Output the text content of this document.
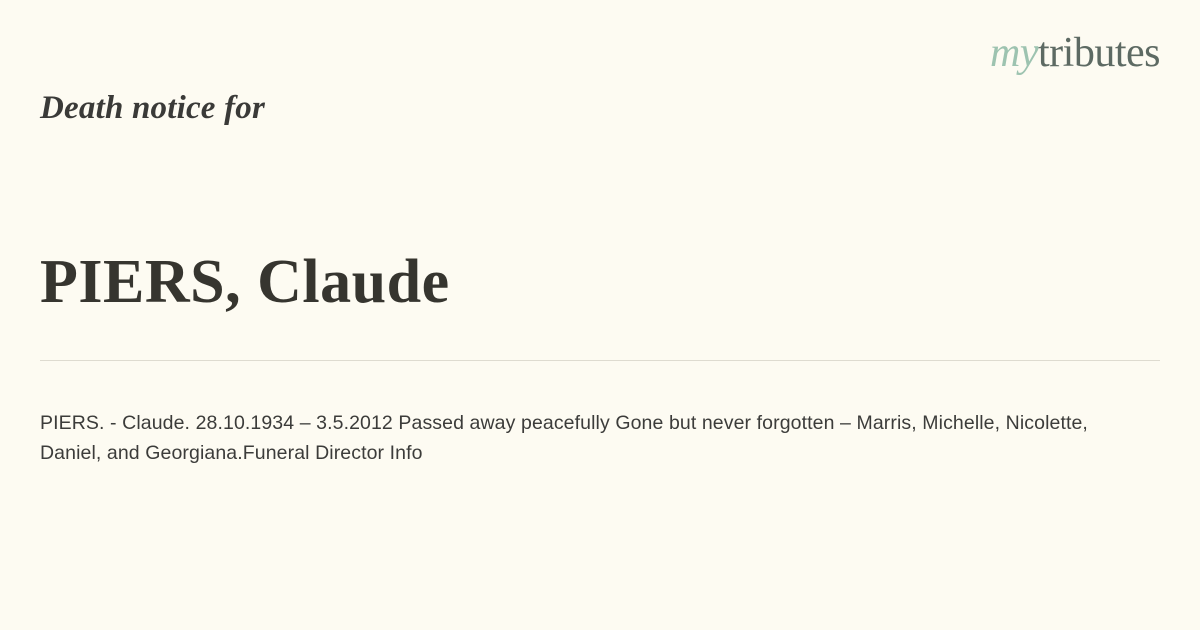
mytributes
Death notice for
PIERS, Claude

PIERS. - Claude. 28.10.1934 – 3.5.2012 Passed away peacefully Gone but never forgotten – Marris, Michelle, Nicolette, Daniel, and Georgiana.Funeral Director Info
